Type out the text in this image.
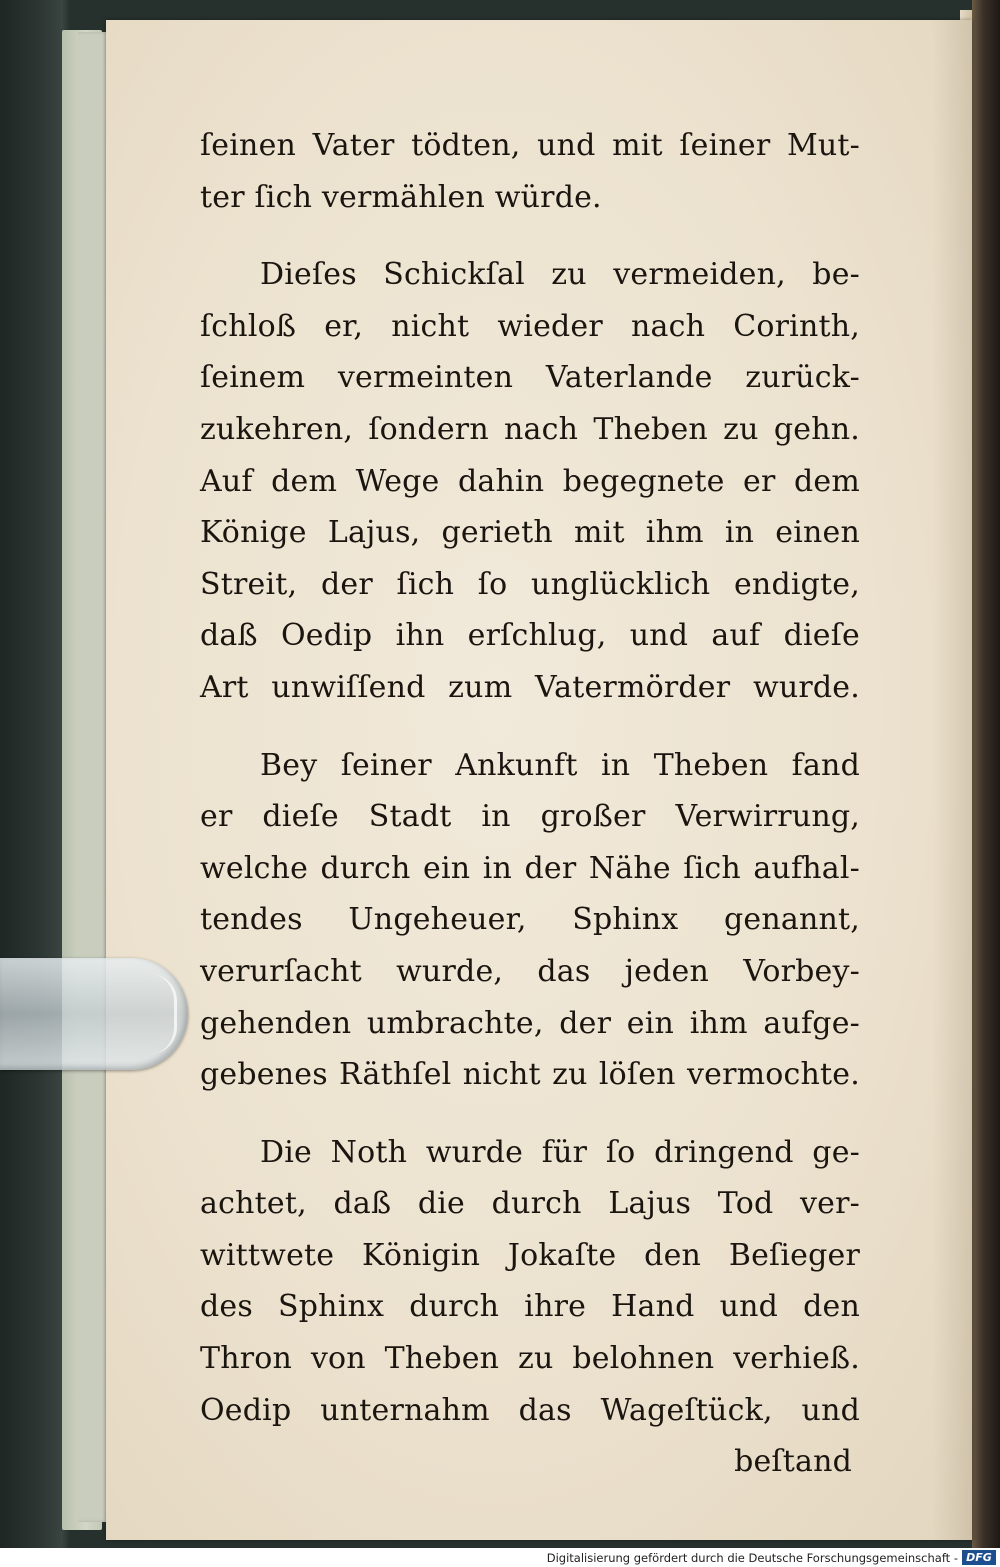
ſeinen Vater tödten, und mit ſeiner Mut-
ter ſich vermählen würde.
Dieſes Schickſal zu vermeiden, be-
ſchloß er, nicht wieder nach Corinth,
ſeinem vermeinten Vaterlande zurück-
zukehren, ſondern nach Theben zu gehn.
Auf dem Wege dahin begegnete er dem
Könige Lajus, gerieth mit ihm in einen
Streit, der ſich ſo unglücklich endigte,
daß Oedip ihn erſchlug, und auf dieſe
Art unwiſſend zum Vatermörder wurde.
Bey ſeiner Ankunft in Theben fand
er dieſe Stadt in großer Verwirrung,
welche durch ein in der Nähe ſich aufhal-
tendes Ungeheuer, Sphinx genannt,
verurſacht wurde, das jeden Vorbey-
gehenden umbrachte, der ein ihm aufge-
gebenes Räthſel nicht zu löſen vermochte.
Die Noth wurde für ſo dringend ge-
achtet, daß die durch Lajus Tod ver-
wittwete Königin Jokaſte den Beſieger
des Sphinx durch ihre Hand und den
Thron von Theben zu belohnen verhieß.
Oedip unternahm das Wageſtück, und
beſtand
Digitalisierung gefördert durch die Deutsche Forschungsgemeinschaft - DFG
